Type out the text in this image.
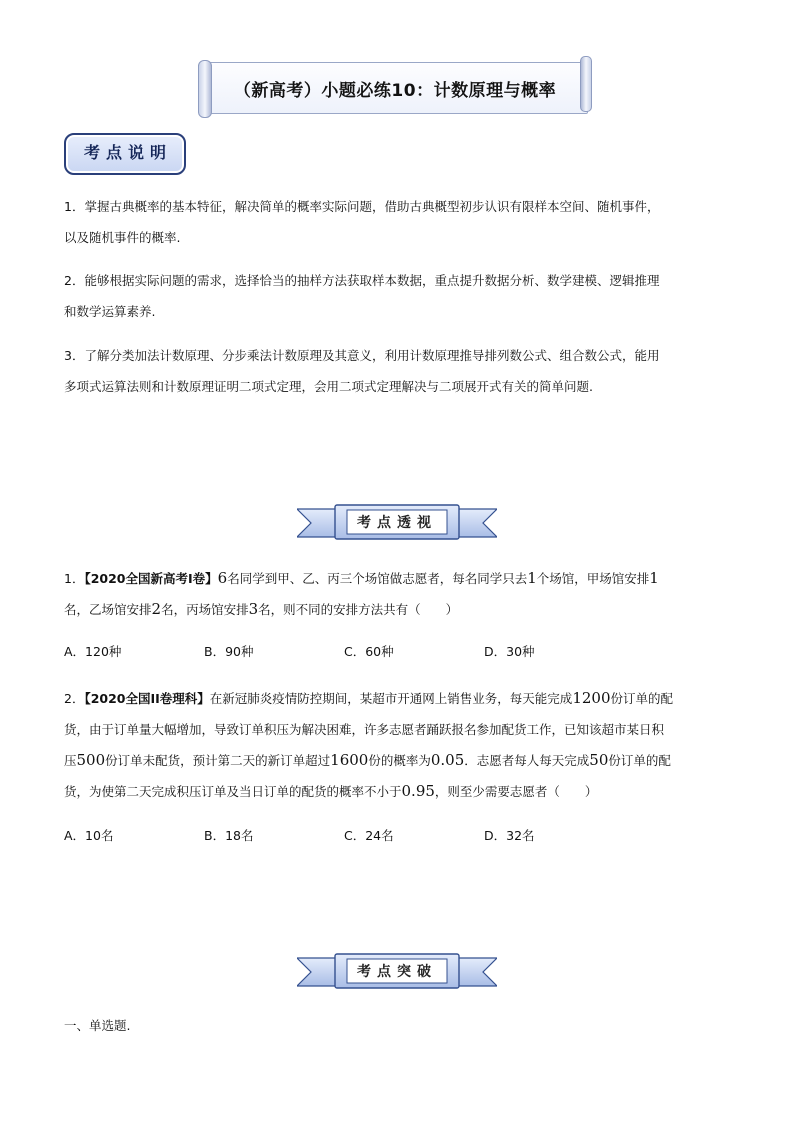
（新高考）小题必练10：计数原理与概率
考点说明

1．掌握古典概率的基本特征，解决简单的概率实际问题，借助古典概型初步认识有限样本空间、随机事件，

以及随机事件的概率.

2．能够根据实际问题的需求，选择恰当的抽样方法获取样本数据，重点提升数据分析、数学建模、逻辑推理

和数学运算素养.

3．了解分类加法计数原理、分步乘法计数原理及其意义，利用计数原理推导排列数公式、组合数公式，能用

多项式运算法则和计数原理证明二项式定理，会用二项式定理解决与二项展开式有关的简单问题.

考点透视

1．【2020全国新高考Ⅰ卷】6名同学到甲、乙、丙三个场馆做志愿者，每名同学只去1个场馆，甲场馆安排1

名，乙场馆安排2名，丙场馆安排3名，则不同的安排方法共有（　　）

A．120种	B．90种	C．60种	D．30种

2．【2020全国II卷理科】在新冠肺炎疫情防控期间，某超市开通网上销售业务，每天能完成1200份订单的配

货，由于订单量大幅增加，导致订单积压为解决困难，许多志愿者踊跃报名参加配货工作，已知该超市某日积

压500份订单未配货，预计第二天的新订单超过1600份的概率为0.05．志愿者每人每天完成50份订单的配

货，为使第二天完成积压订单及当日订单的配货的概率不小于0.95，则至少需要志愿者（　　）

A．10名	B．18名	C．24名	D．32名
考点突破
一、单选题.
